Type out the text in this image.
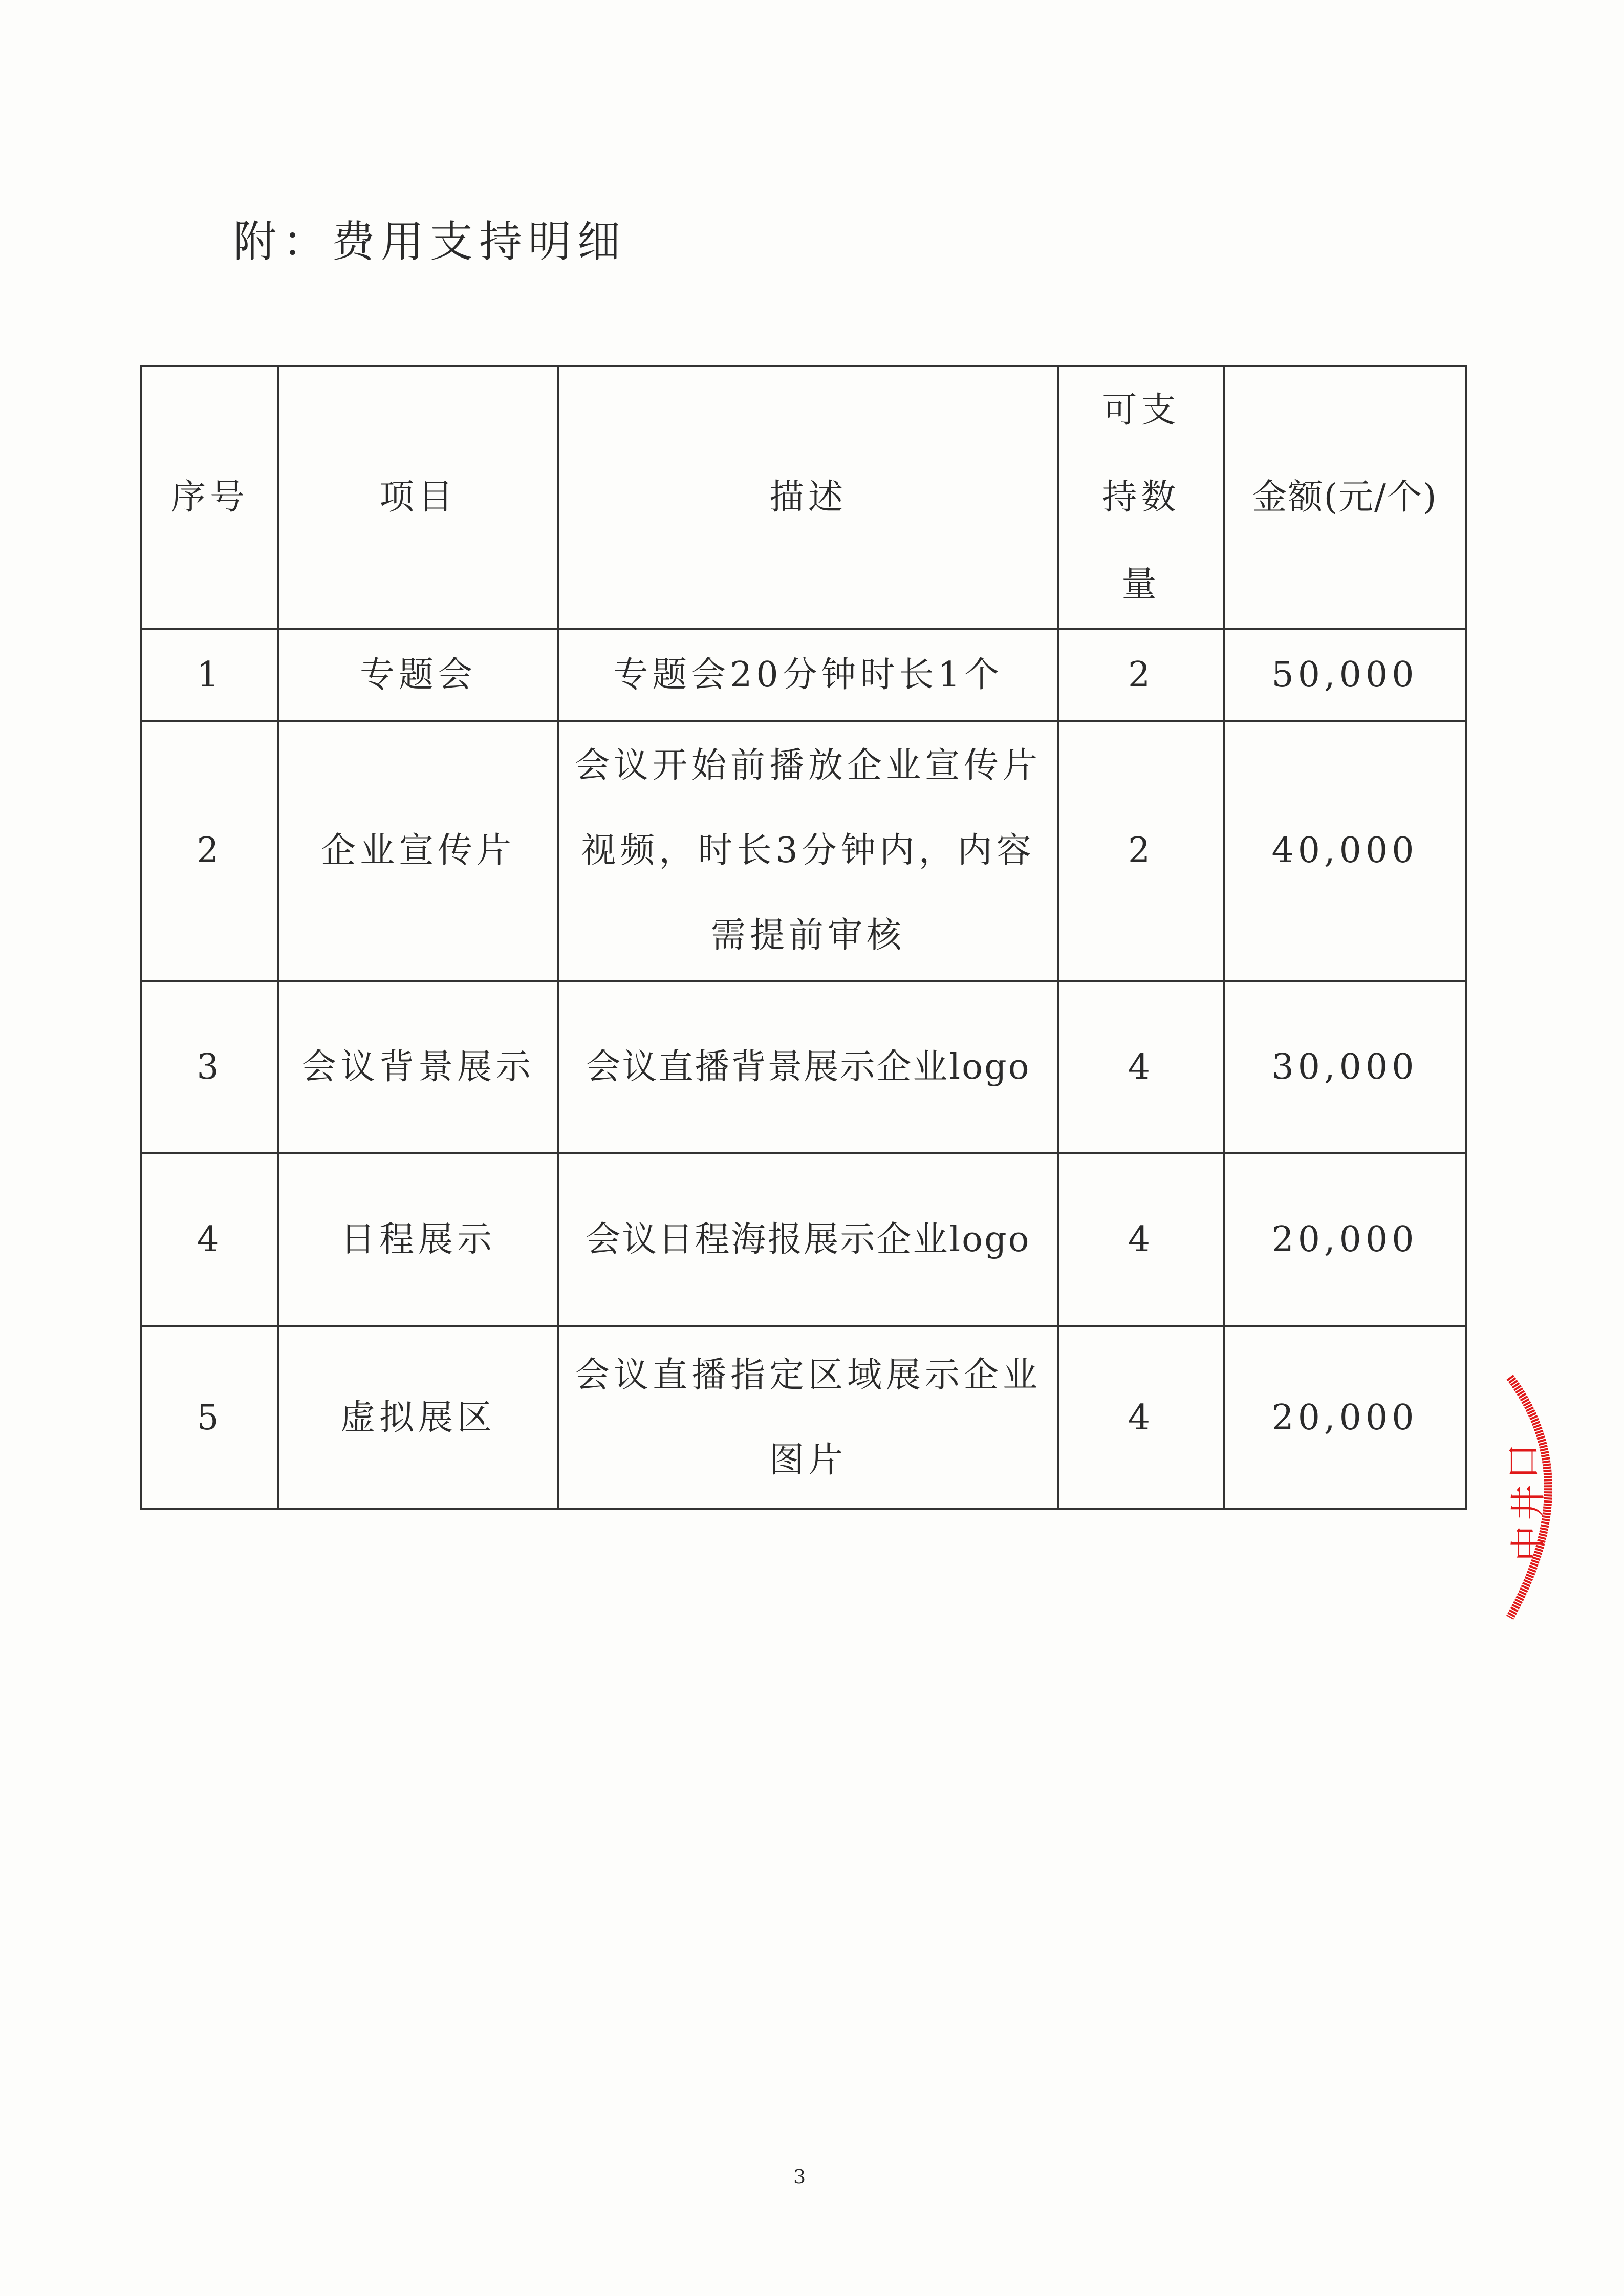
附：费用支持明细
序号	项目	描述	可支持数量	金额(元/个)
1	专题会	专题会20分钟时长1个	2	50,000
2	企业宣传片	会议开始前播放企业宣传片视频，时长3分钟内，内容需提前审核	2	40,000
3	会议背景展示	会议直播背景展示企业logo	4	30,000
4	日程展示	会议日程海报展示企业logo	4	20,000
5	虚拟展区	会议直播指定区域展示企业图片	4	20,000
口
井
中
3
